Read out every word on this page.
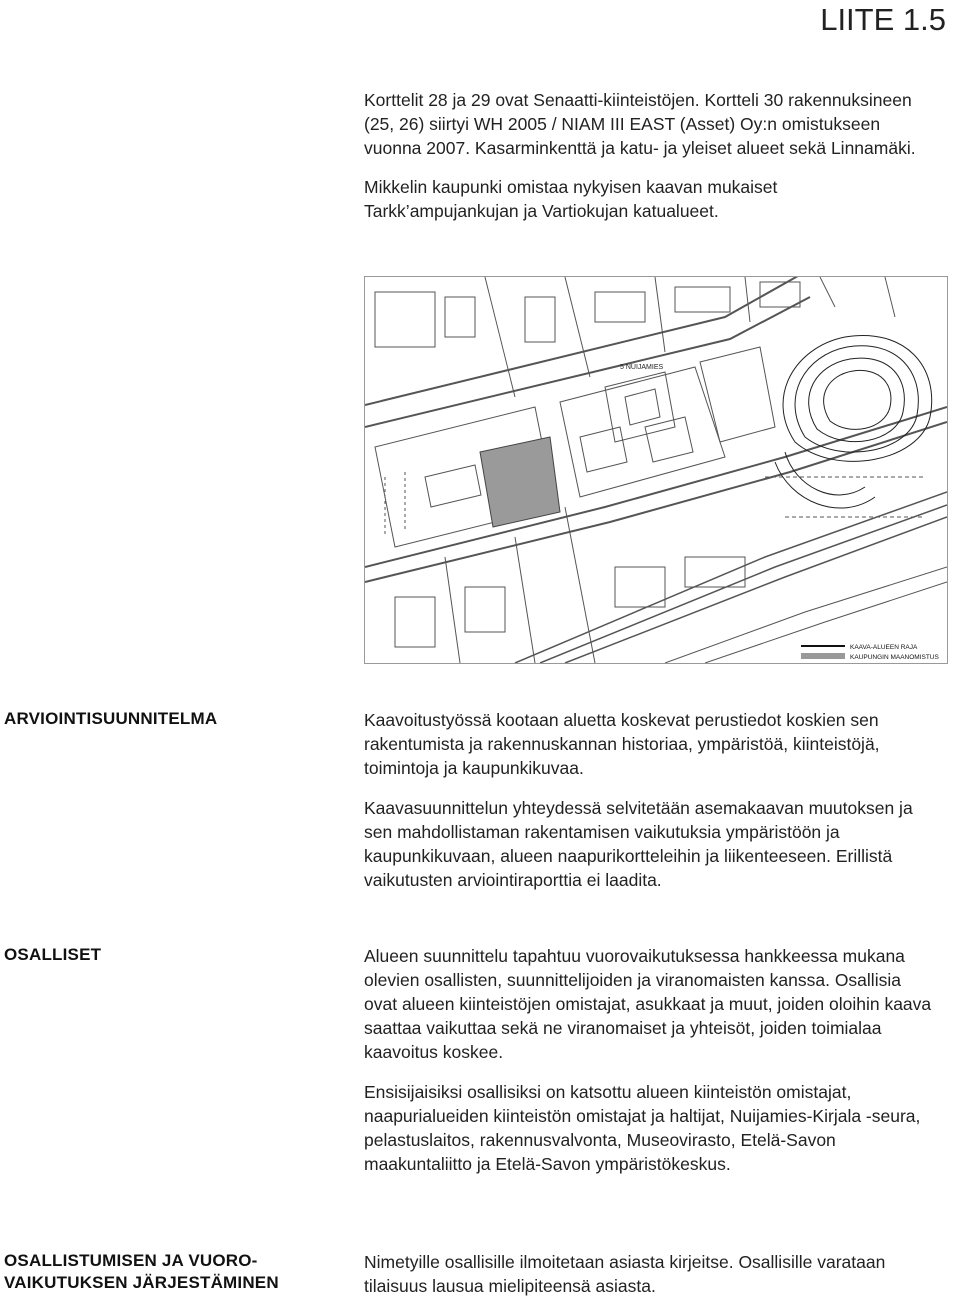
LIITE 1.5

Korttelit 28 ja 29 ovat Senaatti-kiinteistöjen. Kortteli 30 rakennuksineen (25, 26) siirtyi WH 2005 / NIAM III EAST (Asset) Oy:n omistukseen vuonna 2007. Kasarminkenttä ja katu- ja yleiset alueet sekä Linnamäki.

Mikkelin kaupunki omistaa nykyisen kaavan mukaiset Tarkk’ampujankujan ja Vartiokujan katualueet.

5 NUIJAMIES
KAAVA-ALUEEN RAJA
KAUPUNGIN MAANOMISTUS
ARVIOINTISUUNNITELMA	Kaavoitustyössä kootaan aluetta koskevat perustiedot koskien sen rakentumista ja rakennuskannan historiaa, ympäristöä, kiinteistöjä, toimintoja ja kaupunkikuvaa.

Kaavasuunnittelun yhteydessä selvitetään asemakaavan muutoksen ja sen mahdollistaman rakentamisen vaikutuksia ympäristöön ja kaupunkikuvaan, alueen naapurikortteleihin ja liikenteeseen. Erillistä vaikutusten arviointiraporttia ei laadita.

OSALLISET	Alueen suunnittelu tapahtuu vuorovaikutuksessa hankkeessa mukana olevien osallisten, suunnittelijoiden ja viranomaisten kanssa. Osallisia ovat alueen kiinteistöjen omistajat, asukkaat ja muut, joiden oloihin kaava saattaa vaikuttaa sekä ne viranomaiset ja yhteisöt, joiden toimialaa kaavoitus koskee.

Ensisijaisiksi osallisiksi on katsottu alueen kiinteistön omistajat, naapurialueiden kiinteistön omistajat ja haltijat, Nuijamies-Kirjala -seura, pelastuslaitos, rakennusvalvonta, Museovirasto, Etelä-Savon maakuntaliitto ja Etelä-Savon ympäristökeskus.

OSALLISTUMISEN JA VUORO-
VAIKUTUKSEN JÄRJESTÄMINEN

Nimetyille osallisille ilmoitetaan asiasta kirjeitse. Osallisille varataan tilaisuus lausua mielipiteensä asiasta.
